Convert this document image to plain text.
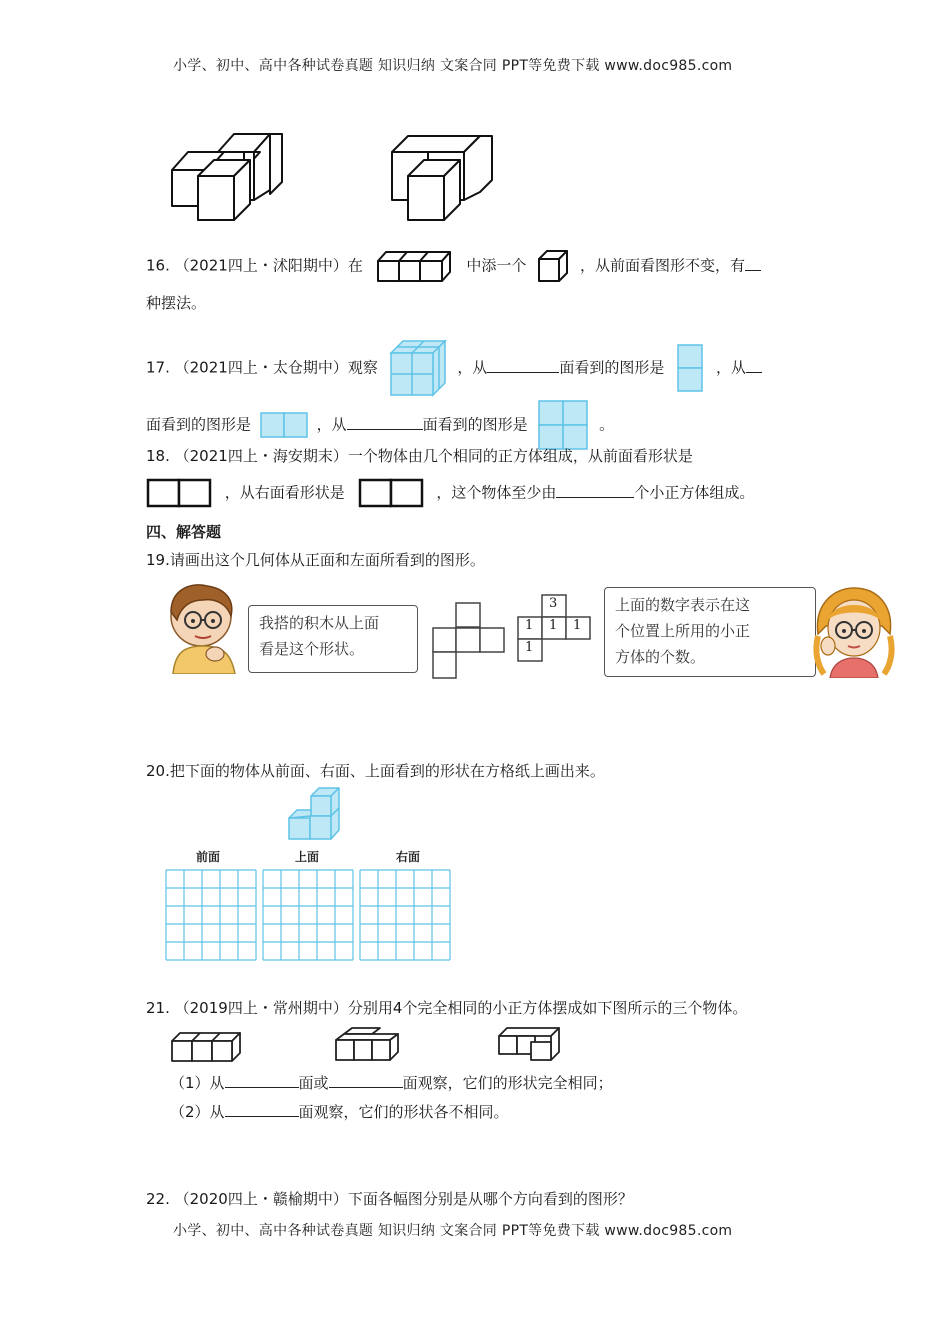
小学、初中、高中各种试卷真题 知识归纳 文案合同 PPT等免费下载 www.doc985.com
16. （2021四上・沭阳期中）在	中添一个	，从前面看图形不变，有
种摆法。
17. （2021四上・太仓期中）观察	，从	面看到的图形是	，从
面看到的图形是	，从	面看到的图形是	。
18. （2021四上・海安期末）一个物体由几个相同的正方体组成，从前面看形状是
，从右面看形状是	，这个物体至少由	个小正方体组成。
四、解答题
19.请画出这个几何体从正面和左面所看到的图形。
我搭的积木从上面
看是这个形状。
3
1 1 1
1
上面的数字表示在这
个位置上所用的小正
方体的个数。
20.把下面的物体从前面、右面、上面看到的形状在方格纸上画出来。
前面	上面	右面
21. （2019四上・常州期中）分别用4个完全相同的小正方体摆成如下图所示的三个物体。
（1）从	面或	面观察，它们的形状完全相同；
（2）从	面观察，它们的形状各不相同。
22. （2020四上・赣榆期中）下面各幅图分别是从哪个方向看到的图形？
小学、初中、高中各种试卷真题 知识归纳 文案合同 PPT等免费下载 www.doc985.com
